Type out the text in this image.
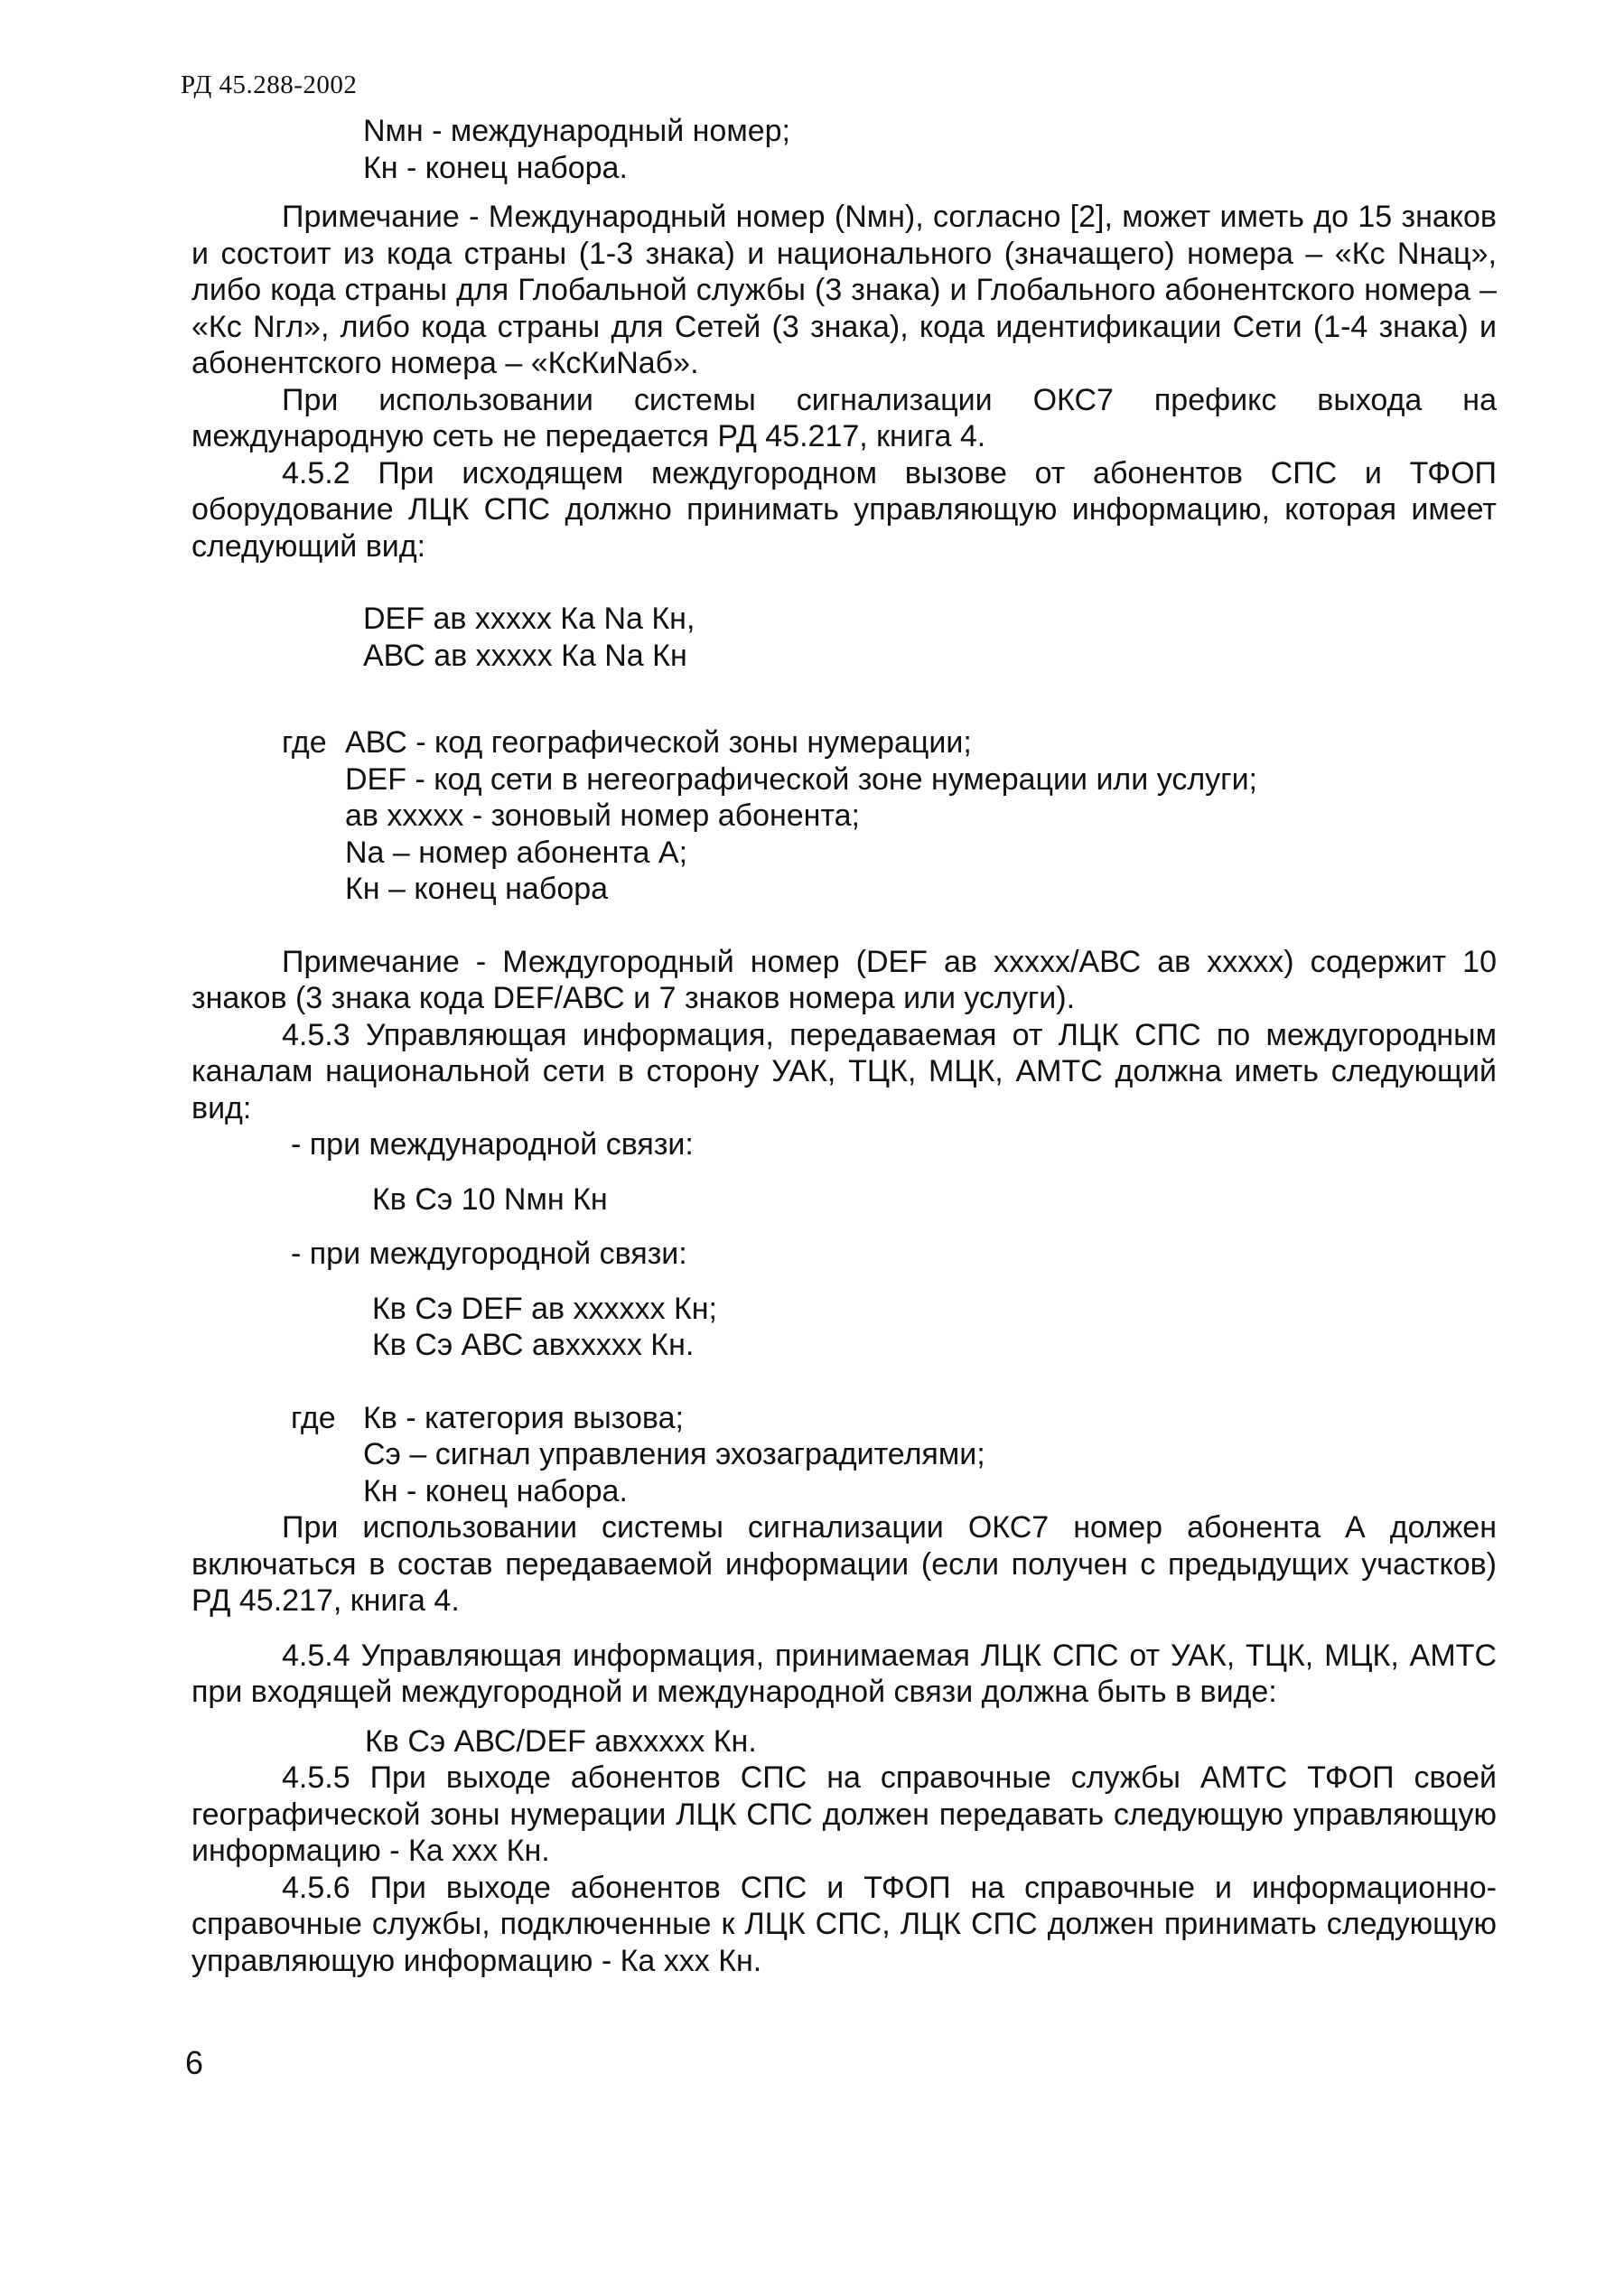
РД 45.288-2002

Nмн - международный номер;

Кн - конец набора.

Примечание - Международный номер (Nмн), согласно [2], может иметь до 15 знаков и состоит из кода страны (1-3 знака) и национального (значащего) номера – «Кс Nнац», либо кода страны для Глобальной службы (3 знака) и Глобального абонентского номера – «Кс Nгл», либо кода страны для Сетей (3 знака), кода идентификации Сети (1-4 знака) и абонентского номера – «КсКиNаб».

При использовании системы сигнализации ОКС7 префикс выхода на международную сеть не передается РД 45.217, книга 4.

4.5.2 При исходящем междугородном вызове от абонентов СПС и ТФОП оборудование ЛЦК СПС должно принимать управляющую информацию, которая имеет следующий вид:

DEF ав xxxxx Ка Na Кн,

АВС ав xxxxx Ка Na Кн

где АВС - код географической зоны нумерации;

DEF - код сети в негеографической зоне нумерации или услуги;

ав xxxxx - зоновый номер абонента;

Na – номер абонента А;

Кн – конец набора

Примечание - Междугородный номер (DEF ав xxxxx/АВС ав xxxxx) содержит 10 знаков (3 знака кода DEF/АВС и 7 знаков номера или услуги).

4.5.3 Управляющая информация, передаваемая от ЛЦК СПС по междугородным каналам национальной сети в сторону УАК, ТЦК, МЦК, АМТС должна иметь следующий вид:

- при международной связи:

Кв Сэ 10 Nмн Кн

- при междугородной связи:

Кв Сэ DEF ав xxxxxx Кн;

Кв Сэ АВС авxxxxx Кн.

где Кв - категория вызова;

Сэ – сигнал управления эхозаградителями;

Кн - конец набора.

При использовании системы сигнализации ОКС7 номер абонента А должен включаться в состав передаваемой информации (если получен с предыдущих участков) РД 45.217, книга 4.

4.5.4 Управляющая информация, принимаемая ЛЦК СПС от УАК, ТЦК, МЦК, АМТС при входящей междугородной и международной связи должна быть в виде:

Кв Сэ АВС/DEF авxxxxx Кн.

4.5.5 При выходе абонентов СПС на справочные службы АМТС ТФОП своей географической зоны нумерации ЛЦК СПС должен передавать следующую управляющую информацию - Ка xxx Кн.

4.5.6 При выходе абонентов СПС и ТФОП на справочные и информационно-справочные службы, подключенные к ЛЦК СПС, ЛЦК СПС должен принимать следующую управляющую информацию - Ка xxx Кн.

6
